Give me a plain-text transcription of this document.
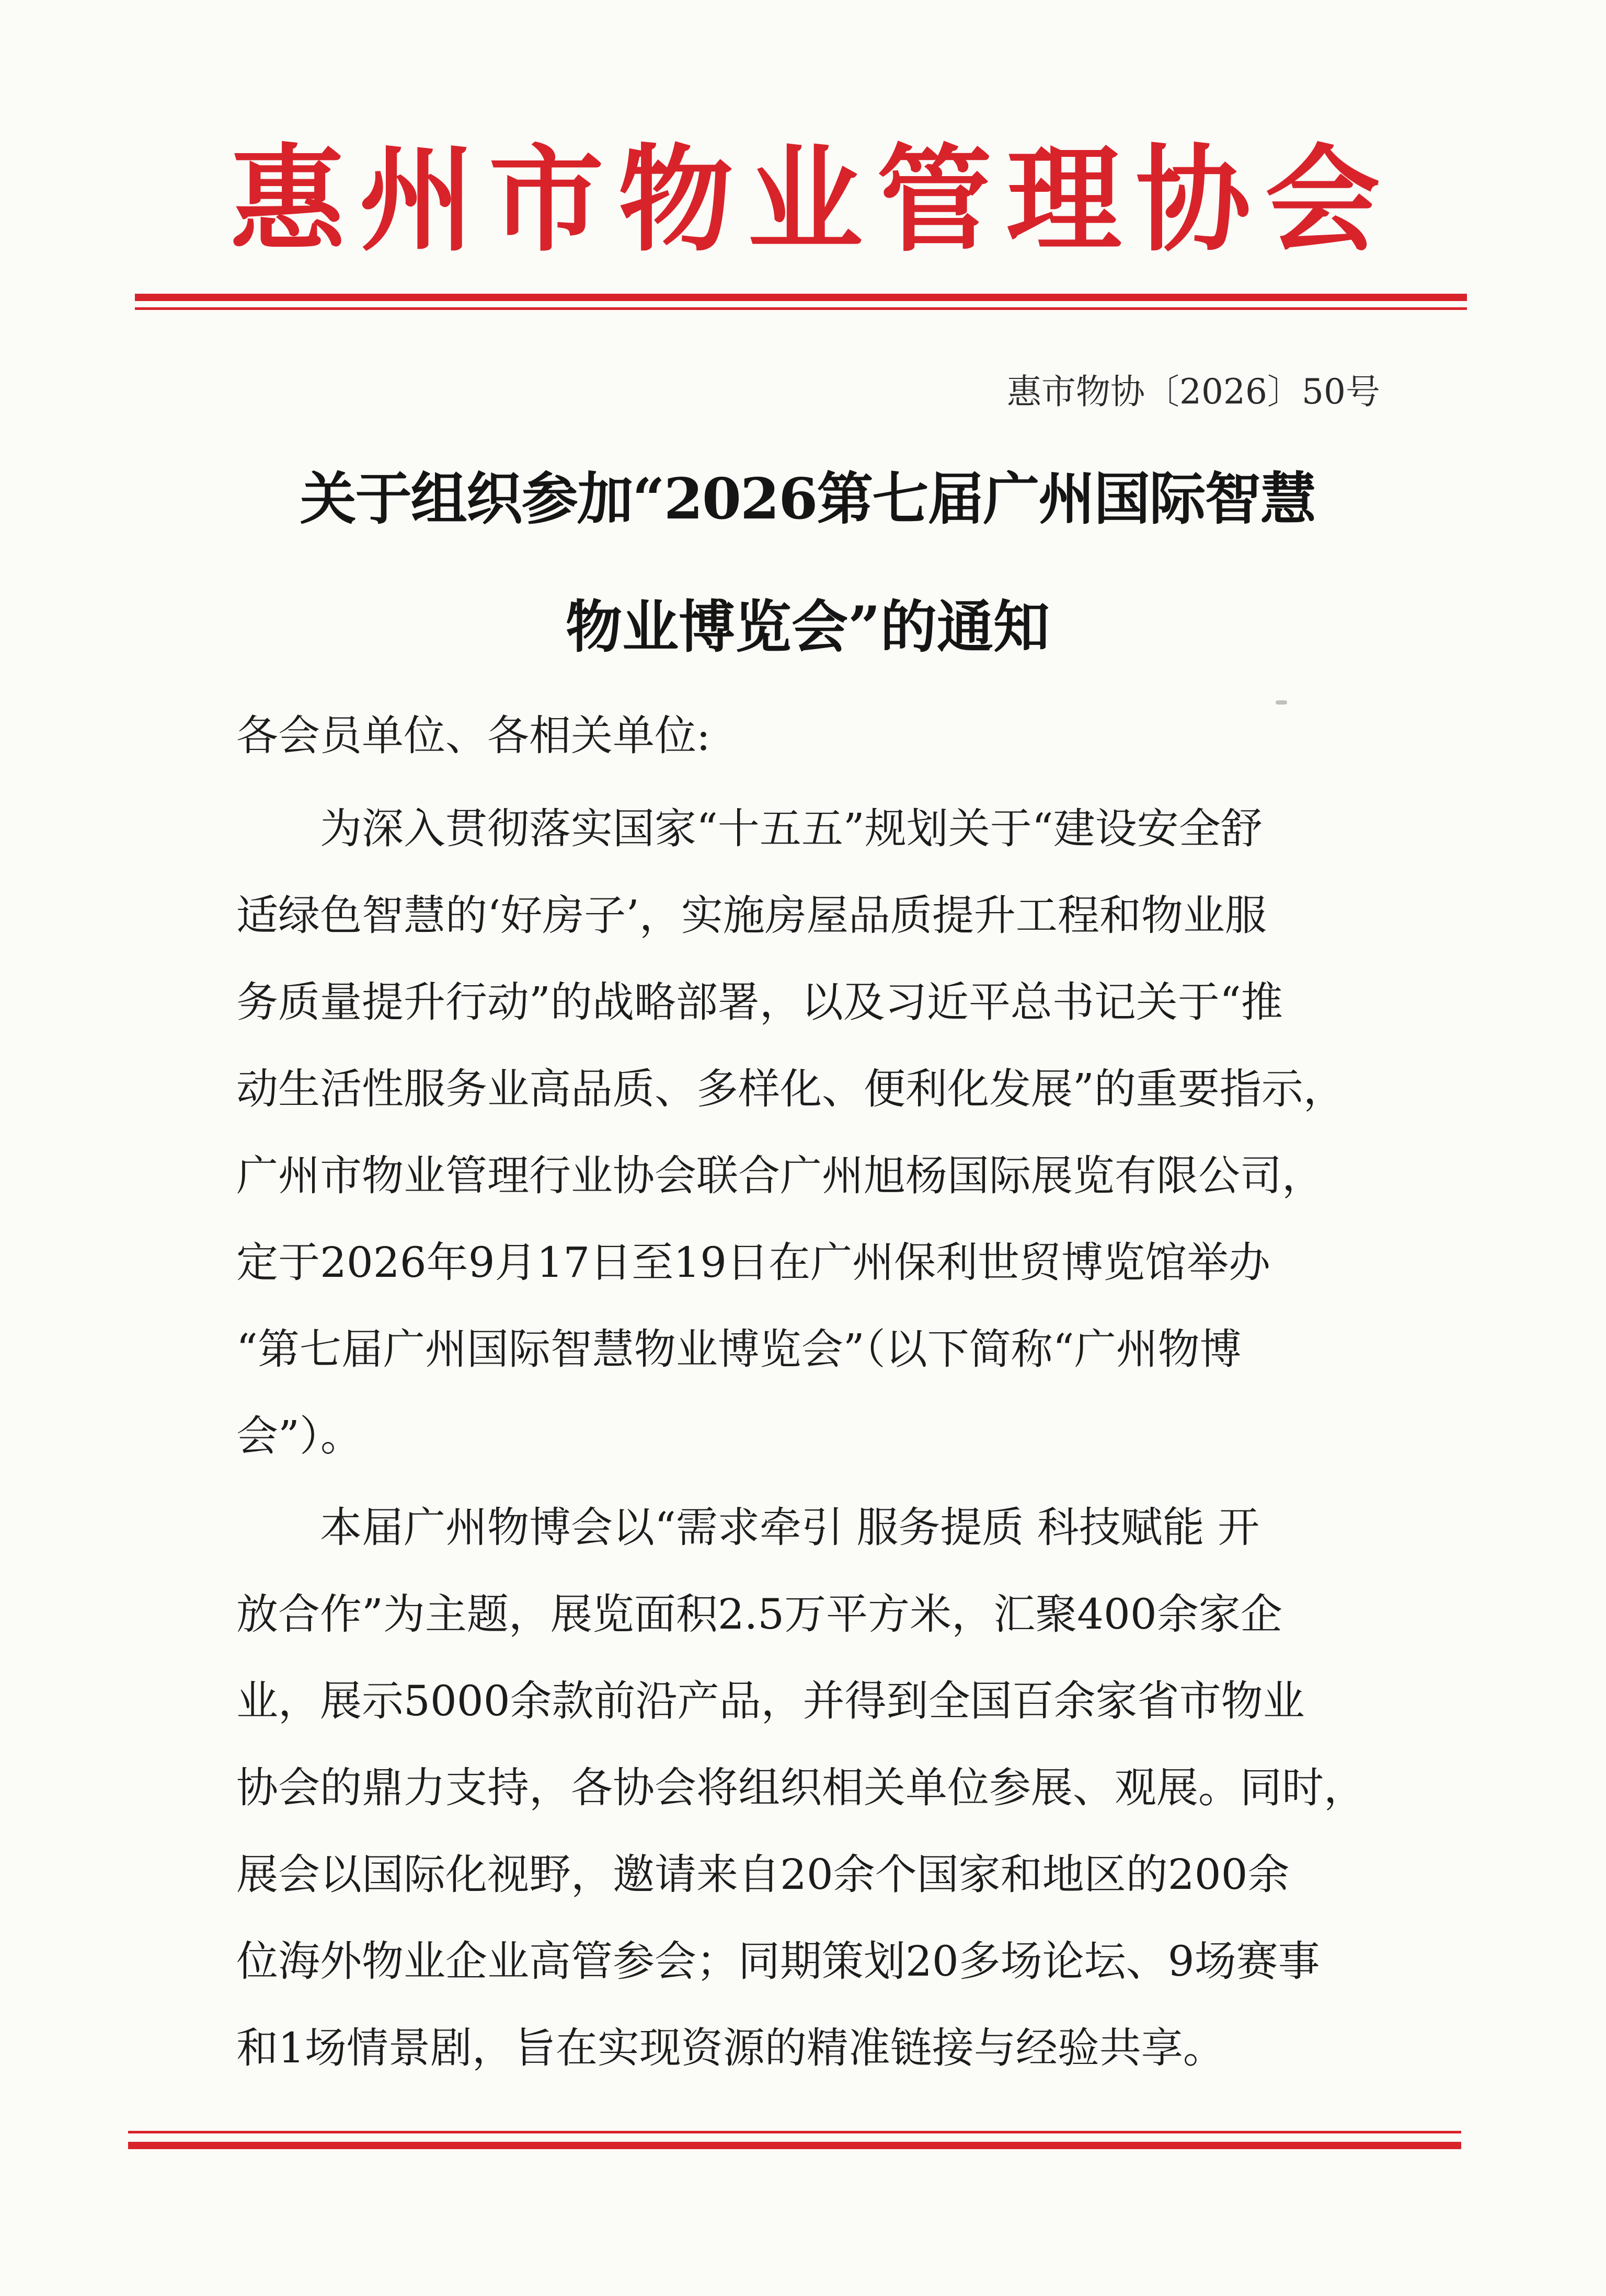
惠 州 市 物 业 管 理 协 会
惠市物协〔2026〕50号
关于组织参加“2026第七届广州国际智慧
物业博览会”的通知
各会员单位、各相关单位:
为深入贯彻落实国家“十五五”规划关于“建设安全舒
适绿色智慧的‘好房子’，实施房屋品质提升工程和物业服
务质量提升行动”的战略部署，以及习近平总书记关于“推
动生活性服务业高品质、多样化、便利化发展”的重要指示，
广州市物业管理行业协会联合广州旭杨国际展览有限公司，
定于2026年9月17日至19日在广州保利世贸博览馆举办
“第七届广州国际智慧物业博览会”（以下简称“广州物博
会”）。
本届广州物博会以“需求牵引 服务提质 科技赋能 开
放合作”为主题，展览面积2.5万平方米，汇聚400余家企
业，展示5000余款前沿产品，并得到全国百余家省市物业
协会的鼎力支持，各协会将组织相关单位参展、观展。同时，
展会以国际化视野，邀请来自20余个国家和地区的200余
位海外物业企业高管参会；同期策划20多场论坛、9场赛事
和1场情景剧，旨在实现资源的精准链接与经验共享。
